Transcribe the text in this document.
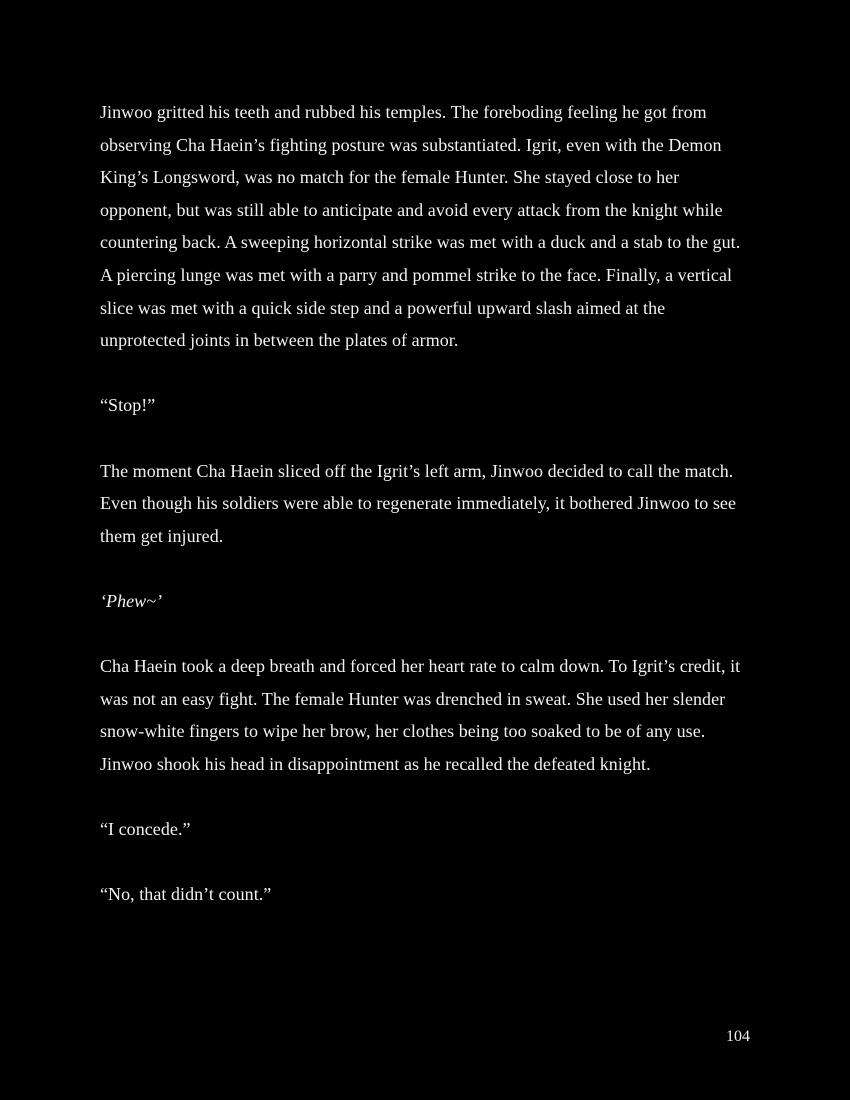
Jinwoo gritted his teeth and rubbed his temples. The foreboding feeling he got from observing Cha Haein’s fighting posture was substantiated. Igrit, even with the Demon King’s Longsword, was no match for the female Hunter. She stayed close to her opponent, but was still able to anticipate and avoid every attack from the knight while countering back. A sweeping horizontal strike was met with a duck and a stab to the gut. A piercing lunge was met with a parry and pommel strike to the face. Finally, a vertical slice was met with a quick side step and a powerful upward slash aimed at the unprotected joints in between the plates of armor.

“Stop!”

The moment Cha Haein sliced off the Igrit’s left arm, Jinwoo decided to call the match. Even though his soldiers were able to regenerate immediately, it bothered Jinwoo to see them get injured.

‘Phew~’

Cha Haein took a deep breath and forced her heart rate to calm down. To Igrit’s credit, it was not an easy fight. The female Hunter was drenched in sweat. She used her slender snow-white fingers to wipe her brow, her clothes being too soaked to be of any use. Jinwoo shook his head in disappointment as he recalled the defeated knight.

“I concede.”

“No, that didn’t count.”

104
